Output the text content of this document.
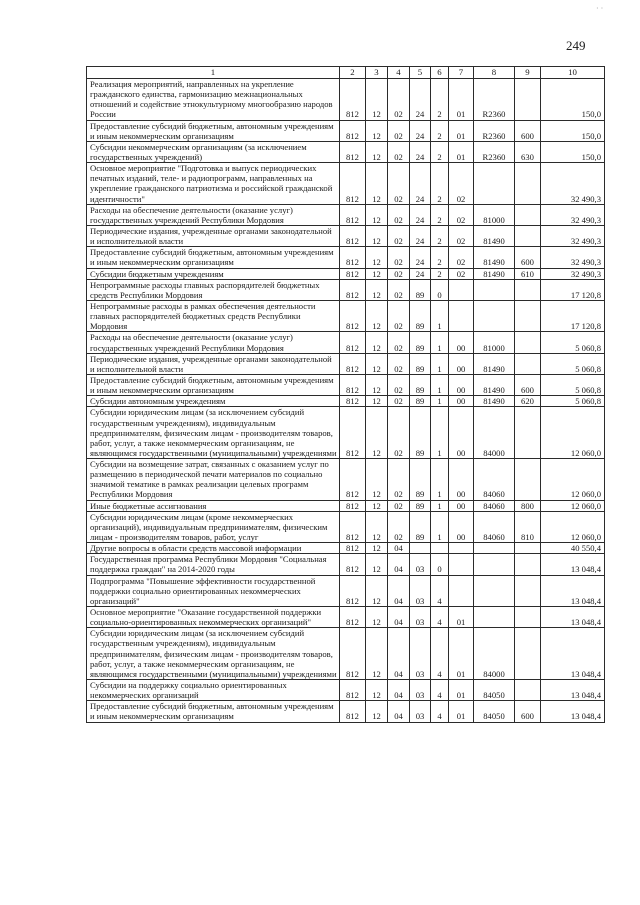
249
1	2	3	4	5	6	7	8	9	10
Реализация мероприятий, направленных на укрепление гражданского единства, гармонизацию межнациональных отношений и содействие этнокультурному многообразию народов России	812	12	02	24	2	01	R2360		150,0
Предоставление субсидий бюджетным, автономным учреждениям и иным некоммерческим организациям	812	12	02	24	2	01	R2360	600	150,0
Субсидии некоммерческим организациям (за исключением государственных учреждений)	812	12	02	24	2	01	R2360	630	150,0
Основное мероприятие "Подготовка и выпуск периодических печатных изданий, теле- и радиопрограмм, направленных на укрепление гражданского патриотизма и российской гражданской идентичности"	812	12	02	24	2	02			32 490,3
Расходы на обеспечение деятельности (оказание услуг) государственных учреждений Республики Мордовия	812	12	02	24	2	02	81000		32 490,3
Периодические издания, учрежденные органами законодательной и исполнительной власти	812	12	02	24	2	02	81490		32 490,3
Предоставление субсидий бюджетным, автономным учреждениям и иным некоммерческим организациям	812	12	02	24	2	02	81490	600	32 490,3
Субсидии бюджетным учреждениям	812	12	02	24	2	02	81490	610	32 490,3
Непрограммные расходы главных распорядителей бюджетных средств Республики Мордовия	812	12	02	89	0				17 120,8
Непрограммные расходы в рамках обеспечения деятельности главных распорядителей бюджетных средств Республики Мордовия	812	12	02	89	1				17 120,8
Расходы на обеспечение деятельности (оказание услуг) государственных учреждений Республики Мордовия	812	12	02	89	1	00	81000		5 060,8
Периодические издания, учрежденные органами законодательной и исполнительной власти	812	12	02	89	1	00	81490		5 060,8
Предоставление субсидий бюджетным, автономным учреждениям и иным некоммерческим организациям	812	12	02	89	1	00	81490	600	5 060,8
Субсидии автономным учреждениям	812	12	02	89	1	00	81490	620	5 060,8
Субсидии юридическим лицам (за исключением субсидий государственным учреждениям), индивидуальным предпринимателям, физическим лицам - производителям товаров, работ, услуг, а также некоммерческим организациям, не являющимся государственными (муниципальными) учреждениями	812	12	02	89	1	00	84000		12 060,0
Субсидии на возмещение затрат, связанных с оказанием услуг по размещению в периодической печати материалов по социально значимой тематике в рамках реализации целевых программ Республики Мордовия	812	12	02	89	1	00	84060		12 060,0
Иные бюджетные ассигнования	812	12	02	89	1	00	84060	800	12 060,0
Субсидии юридическим лицам (кроме некоммерческих организаций), индивидуальным предпринимателям, физическим лицам - производителям товаров, работ, услуг	812	12	02	89	1	00	84060	810	12 060,0
Другие вопросы в области средств массовой информации	812	12	04						40 550,4
Государственная программа Республики Мордовия "Социальная поддержка граждан" на 2014-2020 годы	812	12	04	03	0				13 048,4
Подпрограмма "Повышение эффективности государственной поддержки социально ориентированных некоммерческих организаций"	812	12	04	03	4				13 048,4
Основное мероприятие "Оказание государственной поддержки социально-ориентированных некоммерческих организаций"	812	12	04	03	4	01			13 048,4
Субсидии юридическим лицам (за исключением субсидий государственным учреждениям), индивидуальным предпринимателям, физическим лицам - производителям товаров, работ, услуг, а также некоммерческим организациям, не являющимся государственными (муниципальными) учреждениями	812	12	04	03	4	01	84000		13 048,4
Субсидии на поддержку социально ориентированных некоммерческих организаций	812	12	04	03	4	01	84050		13 048,4
Предоставление субсидий бюджетным, автономным учреждениям и иным некоммерческим организациям	812	12	04	03	4	01	84050	600	13 048,4
· ·
